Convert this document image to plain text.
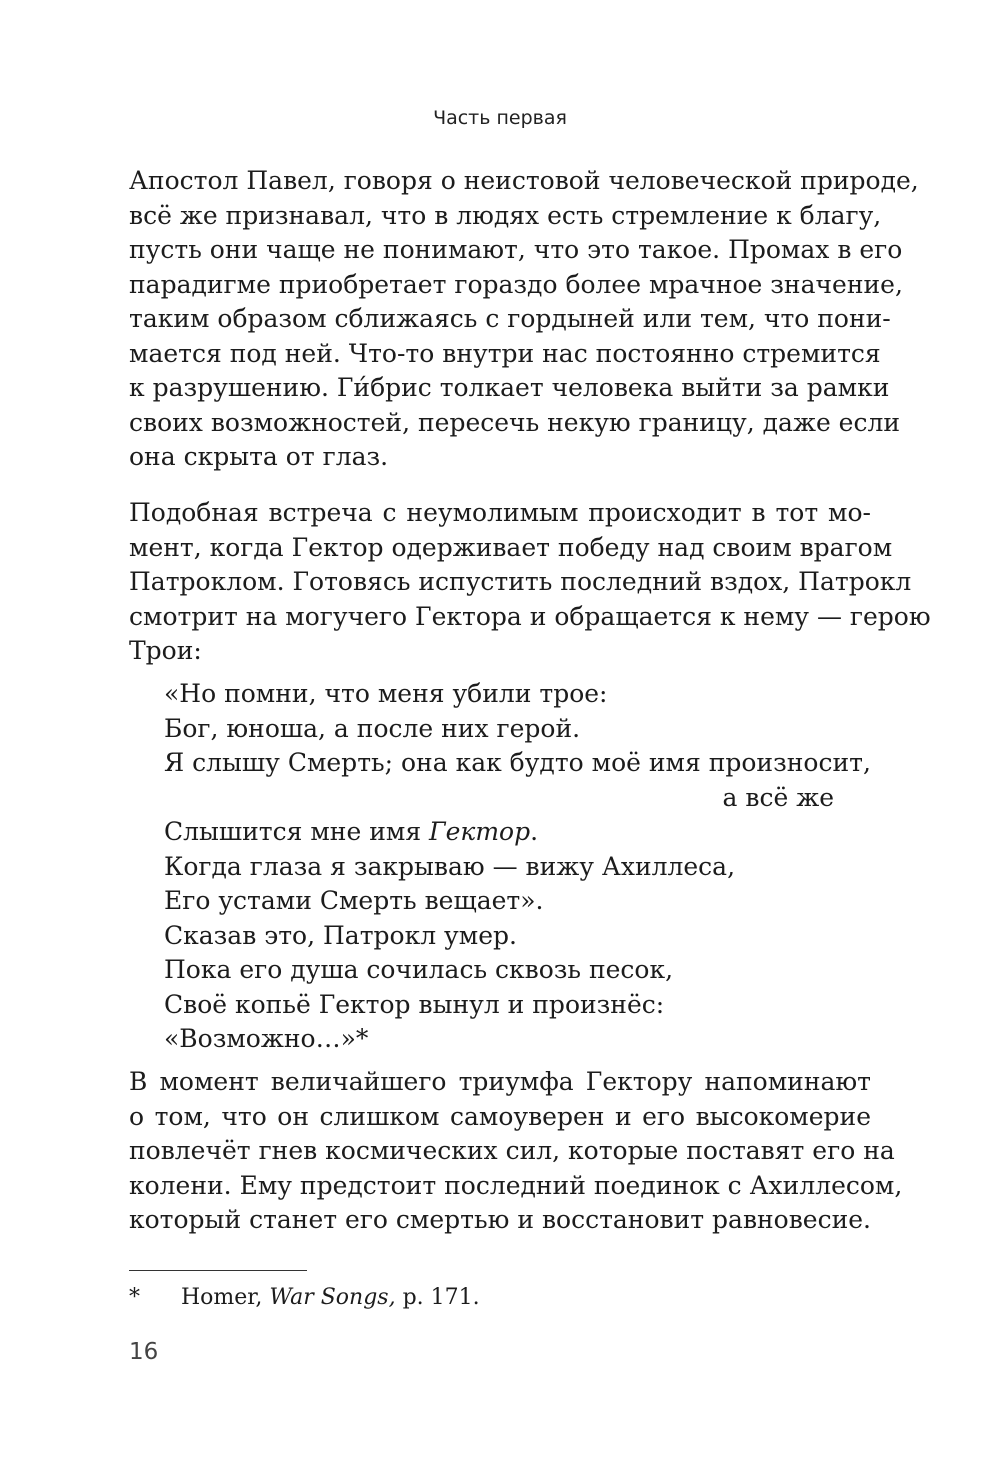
Часть первая
Апостол Павел, говоря о неистовой человеческой природе,
всё же признавал, что в людях есть стремление к благу,
пусть они чаще не понимают, что это такое. Промах в его
парадигме приобретает гораздо более мрачное значение,
таким образом сближаясь с гордыней или тем, что пони-
мается под ней. Что-то внутри нас постоянно стремится
к разрушению. Ги́брис толкает человека выйти за рамки
своих возможностей, пересечь некую границу, даже если
она скрыта от глаз.
Подобная встреча с неумолимым происходит в тот мо-
мент, когда Гектор одерживает победу над своим врагом
Патроклом. Готовясь испустить последний вздох, Патрокл
смотрит на могучего Гектора и обращается к нему — герою
Трои:
«Но помни, что меня убили трое:
Бог, юноша, а после них герой.
Я слышу Смерть; она как будто моё имя произносит,
а всё же
Слышится мне имя Гектор.
Когда глаза я закрываю — вижу Ахиллеса,
Его устами Смерть вещает».
Сказав это, Патрокл умер.
Пока его душа сочилась сквозь песок,
Своё копьё Гектор вынул и произнёс:
«Возможно…»*
В момент величайшего триумфа Гектору напоминают
о том, что он слишком самоуверен и его высокомерие
повлечёт гнев космических сил, которые поставят его на
колени. Ему предстоит последний поединок с Ахиллесом,
который станет его смертью и восстановит равновесие.
* Homer, War Songs, p. 171.
16
